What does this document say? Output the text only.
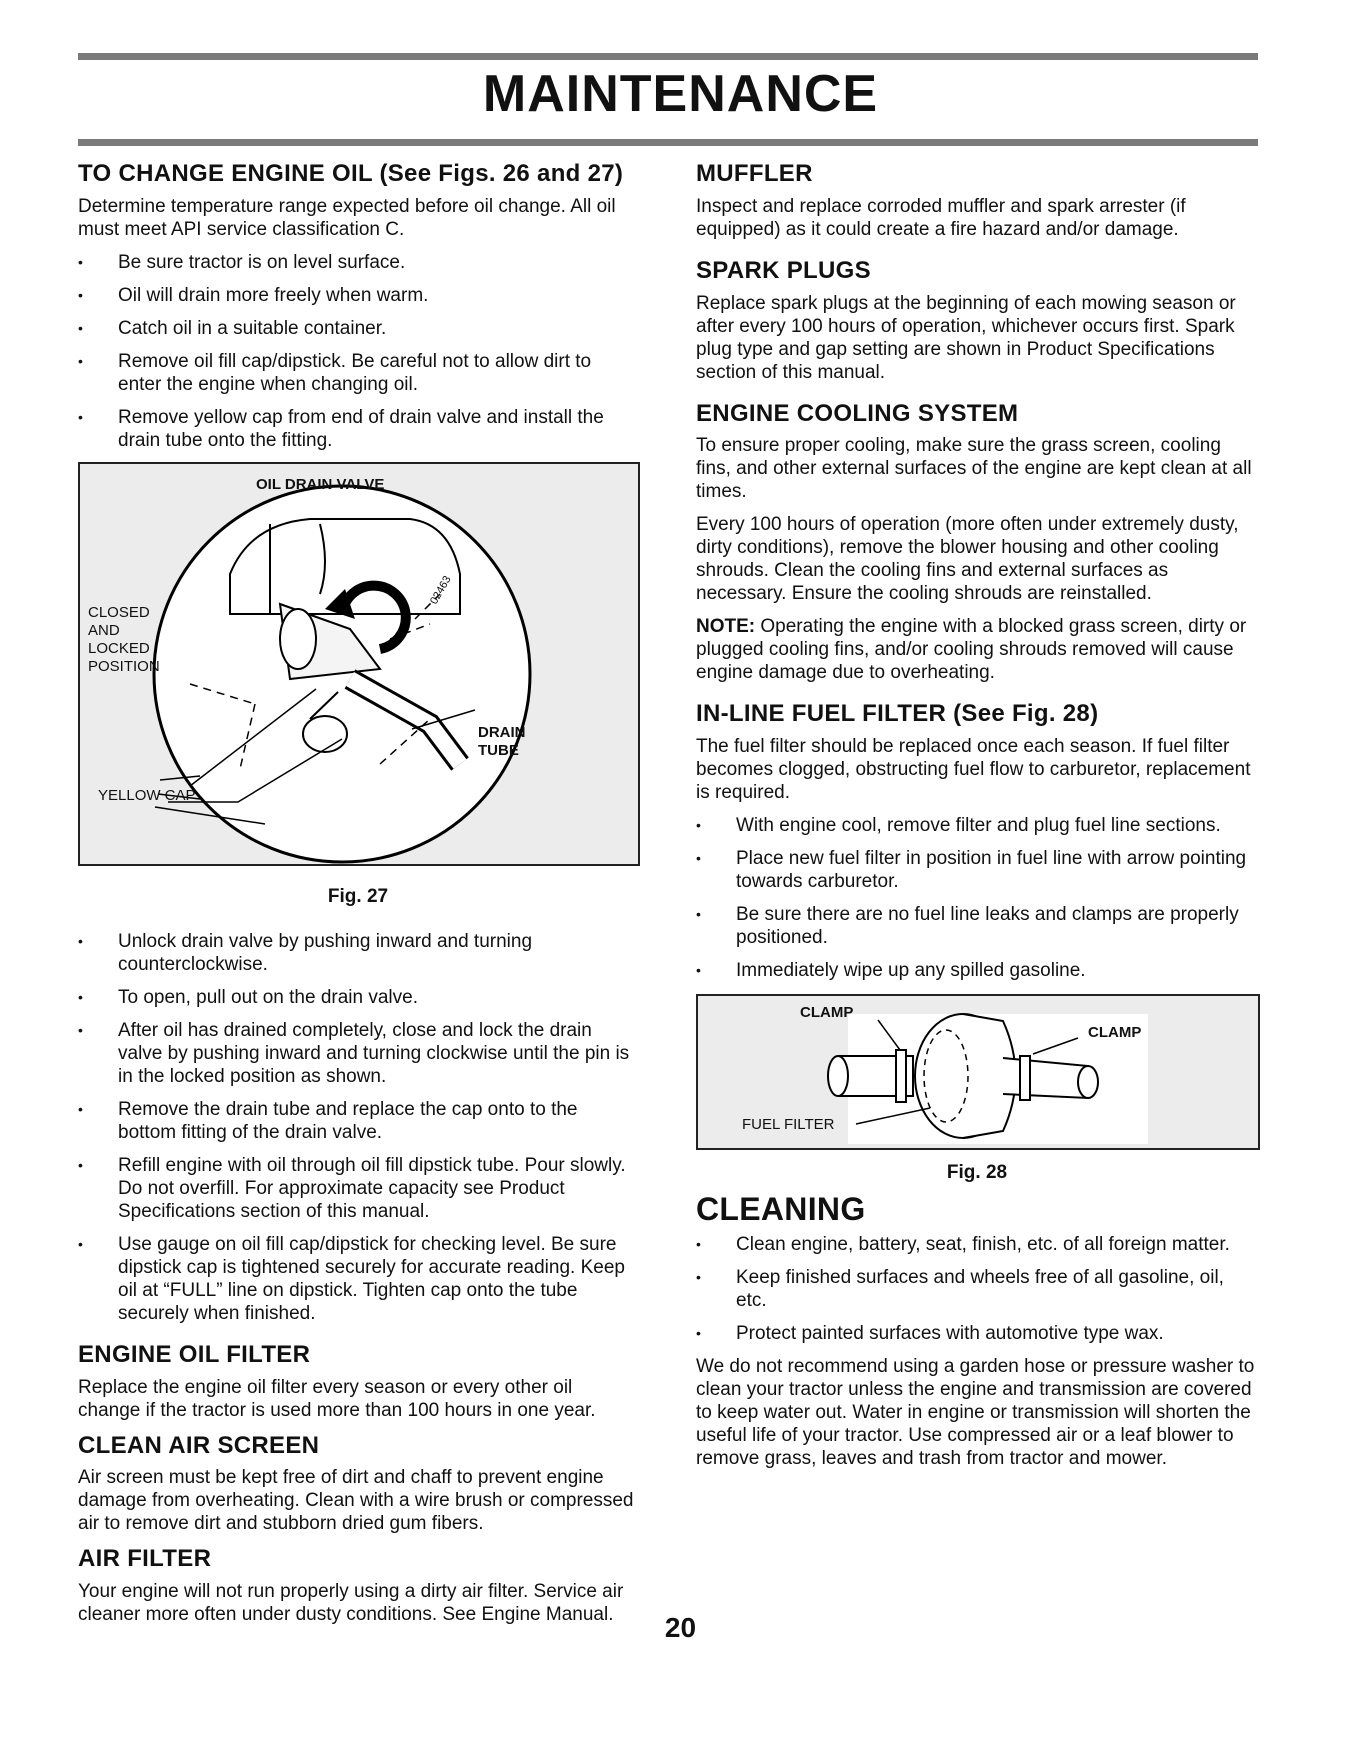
MAINTENANCE
TO CHANGE ENGINE OIL (See Figs. 26 and 27)

Determine temperature range expected before oil change. All oil must meet API service classification C.

• Be sure tractor is on level surface.
• Oil will drain more freely when warm.
• Catch oil in a suitable container.
• Remove oil fill cap/dipstick. Be careful not to allow dirt to enter the engine when changing oil.
• Remove yellow cap from end of drain valve and install the drain tube onto the fitting.
OIL DRAIN VALVE
CLOSED
AND
LOCKED
POSITION
DRAIN
TUBE
YELLOW CAP
02463
Fig. 27
• Unlock drain valve by pushing inward and turning counterclockwise.
• To open, pull out on the drain valve.
• After oil has drained completely, close and lock the drain valve by pushing inward and turning clockwise until the pin is in the locked position as shown.
• Remove the drain tube and replace the cap onto to the bottom fitting of the drain valve.
• Refill engine with oil through oil fill dipstick tube. Pour slowly. Do not overfill. For approximate capacity see Product Specifications section of this manual.
• Use gauge on oil fill cap/dipstick for checking level. Be sure dipstick cap is tightened securely for accurate reading. Keep oil at “FULL” line on dipstick. Tighten cap onto the tube securely when finished.
ENGINE OIL FILTER

Replace the engine oil filter every season or every other oil change if the tractor is used more than 100 hours in one year.

CLEAN AIR SCREEN

Air screen must be kept free of dirt and chaff to prevent engine damage from overheating. Clean with a wire brush or compressed air to remove dirt and stubborn dried gum fibers.

AIR FILTER

Your engine will not run properly using a dirty air filter. Service air cleaner more often under dusty conditions. See Engine Manual.

MUFFLER

Inspect and replace corroded muffler and spark arrester (if equipped) as it could create a fire hazard and/or damage.

SPARK PLUGS

Replace spark plugs at the beginning of each mowing season or after every 100 hours of operation, whichever occurs first. Spark plug type and gap setting are shown in Product Specifications section of this manual.

ENGINE COOLING SYSTEM

To ensure proper cooling, make sure the grass screen, cooling fins, and other external surfaces of the engine are kept clean at all times.

Every 100 hours of operation (more often under extremely dusty, dirty conditions), remove the blower housing and other cooling shrouds. Clean the cooling fins and external surfaces as necessary. Ensure the cooling shrouds are reinstalled.

NOTE: Operating the engine with a blocked grass screen, dirty or plugged cooling fins, and/or cooling shrouds removed will cause engine damage due to overheating.

IN-LINE FUEL FILTER (See Fig. 28)

The fuel filter should be replaced once each season. If fuel filter becomes clogged, obstructing fuel flow to carburetor, replacement is required.

• With engine cool, remove filter and plug fuel line sections.
• Place new fuel filter in position in fuel line with arrow pointing towards carburetor.
• Be sure there are no fuel line leaks and clamps are properly positioned.
• Immediately wipe up any spilled gasoline.
CLAMP
CLAMP
FUEL FILTER
Fig. 28
CLEANING
• Clean engine, battery, seat, finish, etc. of all foreign matter.
• Keep finished surfaces and wheels free of all gasoline, oil, etc.
• Protect painted surfaces with automotive type wax.

We do not recommend using a garden hose or pressure washer to clean your tractor unless the engine and transmission are covered to keep water out. Water in engine or transmission will shorten the useful life of your tractor. Use compressed air or a leaf blower to remove grass, leaves and trash from tractor and mower.

20
